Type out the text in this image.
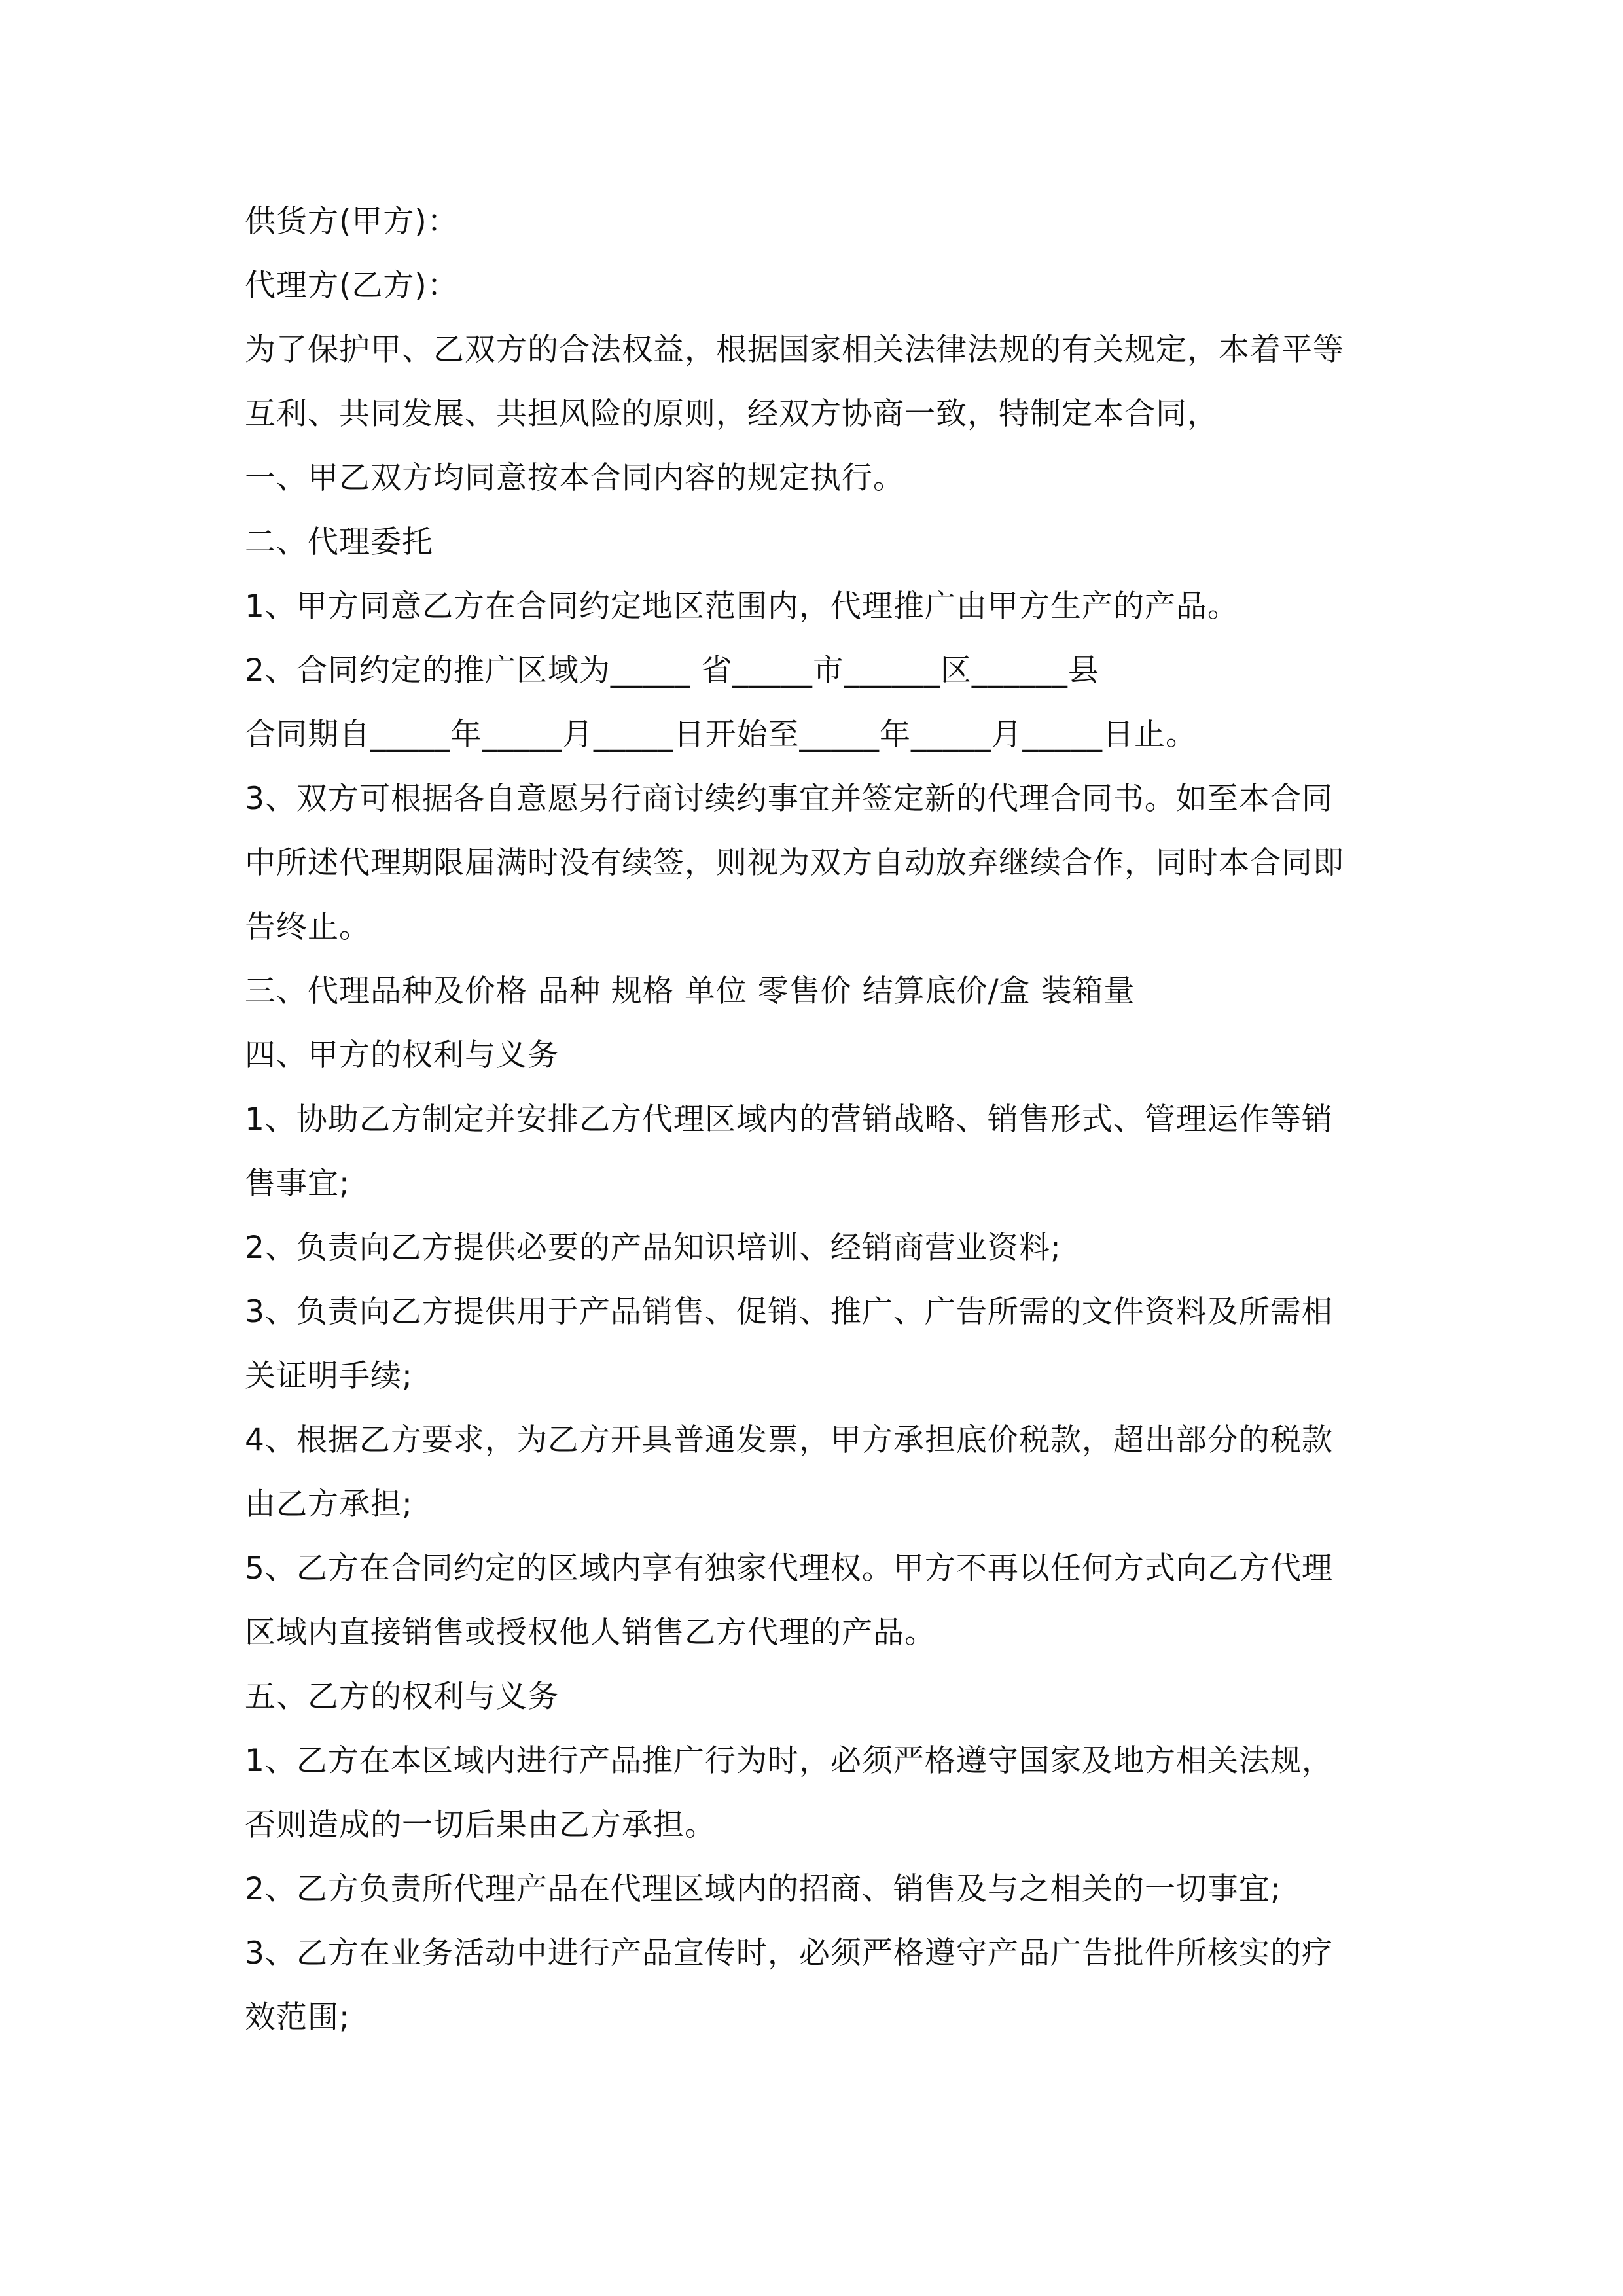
供货方(甲方)：
代理方(乙方)：
为了保护甲、乙双方的合法权益，根据国家相关法律法规的有关规定，本着平等
互利、共同发展、共担风险的原则，经双方协商一致，特制定本合同，
一、甲乙双方均同意按本合同内容的规定执行。
二、代理委托
1、甲方同意乙方在合同约定地区范围内，代理推广由甲方生产的产品。
2、合同约定的推广区域为_____ 省_____市______区______县
合同期自_____年_____月_____日开始至_____年_____月_____日止。
3、双方可根据各自意愿另行商讨续约事宜并签定新的代理合同书。如至本合同
中所述代理期限届满时没有续签，则视为双方自动放弃继续合作，同时本合同即
告终止。
三、代理品种及价格 品种 规格 单位 零售价 结算底价/盒 装箱量
四、甲方的权利与义务
1、协助乙方制定并安排乙方代理区域内的营销战略、销售形式、管理运作等销
售事宜;
2、负责向乙方提供必要的产品知识培训、经销商营业资料;
3、负责向乙方提供用于产品销售、促销、推广、广告所需的文件资料及所需相
关证明手续;
4、根据乙方要求，为乙方开具普通发票，甲方承担底价税款，超出部分的税款
由乙方承担;
5、乙方在合同约定的区域内享有独家代理权。甲方不再以任何方式向乙方代理
区域内直接销售或授权他人销售乙方代理的产品。
五、乙方的权利与义务
1、乙方在本区域内进行产品推广行为时，必须严格遵守国家及地方相关法规，
否则造成的一切后果由乙方承担。
2、乙方负责所代理产品在代理区域内的招商、销售及与之相关的一切事宜;
3、乙方在业务活动中进行产品宣传时，必须严格遵守产品广告批件所核实的疗
效范围;
